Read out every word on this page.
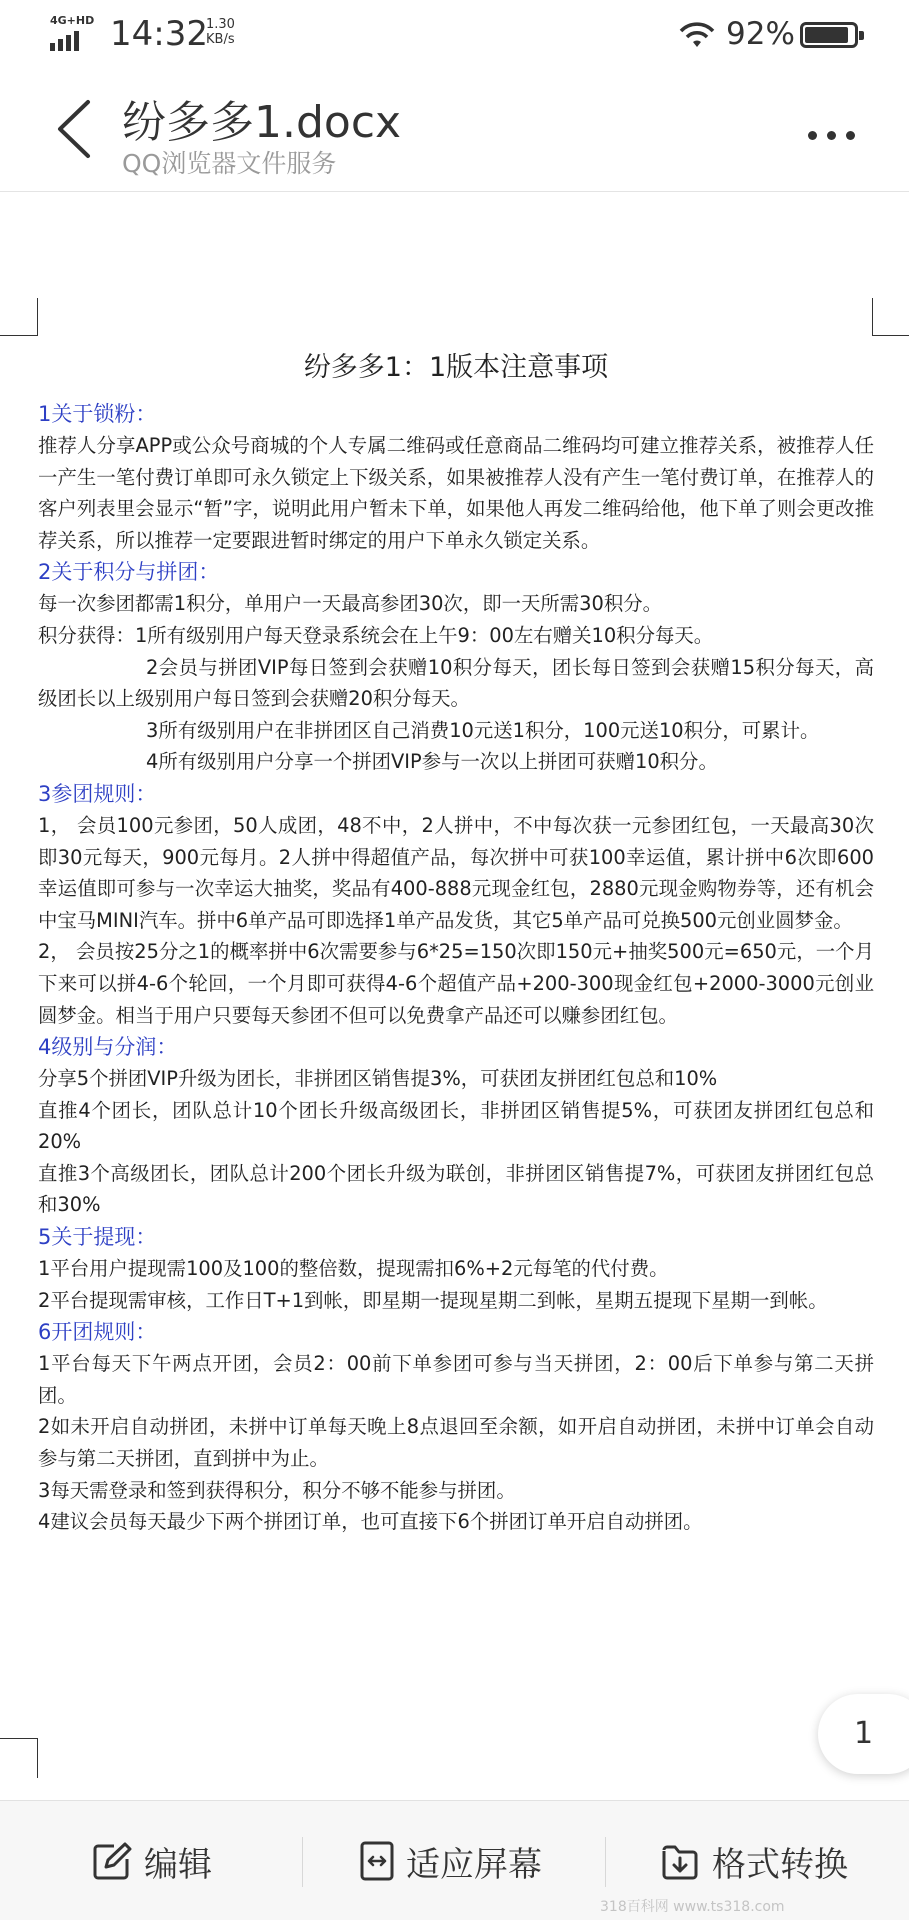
4G+HD 14:32
1.30
KB/s	92%
纷多多1.docx
QQ浏览器文件服务
纷多多1：1版本注意事项
1关于锁粉：
推荐人分享APP或公众号商城的个人专属二维码或任意商品二维码均可建立推荐关系，被推荐人任一产生一笔付费订单即可永久锁定上下级关系，如果被推荐人没有产生一笔付费订单，在推荐人的客户列表里会显示“暂”字，说明此用户暂未下单，如果他人再发二维码给他，他下单了则会更改推荐关系，所以推荐一定要跟进暂时绑定的用户下单永久锁定关系。
2关于积分与拼团：
每一次参团都需1积分，单用户一天最高参团30次，即一天所需30积分。
积分获得：1所有级别用户每天登录系统会在上午9：00左右赠关10积分每天。
2会员与拼团VIP每日签到会获赠10积分每天，团长每日签到会获赠15积分每天，高级团长以上级别用户每日签到会获赠20积分每天。
3所有级别用户在非拼团区自己消费10元送1积分，100元送10积分，可累计。
4所有级别用户分享一个拼团VIP参与一次以上拼团可获赠10积分。
3参团规则：
1， 会员100元参团，50人成团，48不中，2人拼中，不中每次获一元参团红包，一天最高30次即30元每天，900元每月。2人拼中得超值产品，每次拼中可获100幸运值，累计拼中6次即600幸运值即可参与一次幸运大抽奖，奖品有400-888元现金红包，2880元现金购物券等，还有机会中宝马MINI汽车。拼中6单产品可即选择1单产品发货，其它5单产品可兑换500元创业圆梦金。
2， 会员按25分之1的概率拼中6次需要参与6*25=150次即150元+抽奖500元=650元，一个月下来可以拼4-6个轮回，一个月即可获得4-6个超值产品+200-300现金红包+2000-3000元创业圆梦金。相当于用户只要每天参团不但可以免费拿产品还可以赚参团红包。
4级别与分润：
分享5个拼团VIP升级为团长，非拼团区销售提3%，可获团友拼团红包总和10%
直推4个团长，团队总计10个团长升级高级团长，非拼团区销售提5%，可获团友拼团红包总和20%
直推3个高级团长，团队总计200个团长升级为联创，非拼团区销售提7%，可获团友拼团红包总和30%
5关于提现：
1平台用户提现需100及100的整倍数，提现需扣6%+2元每笔的代付费。
2平台提现需审核，工作日T+1到帐，即星期一提现星期二到帐，星期五提现下星期一到帐。
6开团规则：
1平台每天下午两点开团，会员2：00前下单参团可参与当天拼团，2：00后下单参与第二天拼团。
2如未开启自动拼团，未拼中订单每天晚上8点退回至余额，如开启自动拼团，未拼中订单会自动参与第二天拼团，直到拼中为止。
3每天需登录和签到获得积分，积分不够不能参与拼团。
4建议会员每天最少下两个拼团订单，也可直接下6个拼团订单开启自动拼团。
1
编辑	适应屏幕	格式转换
318百科网 www.ts318.com
